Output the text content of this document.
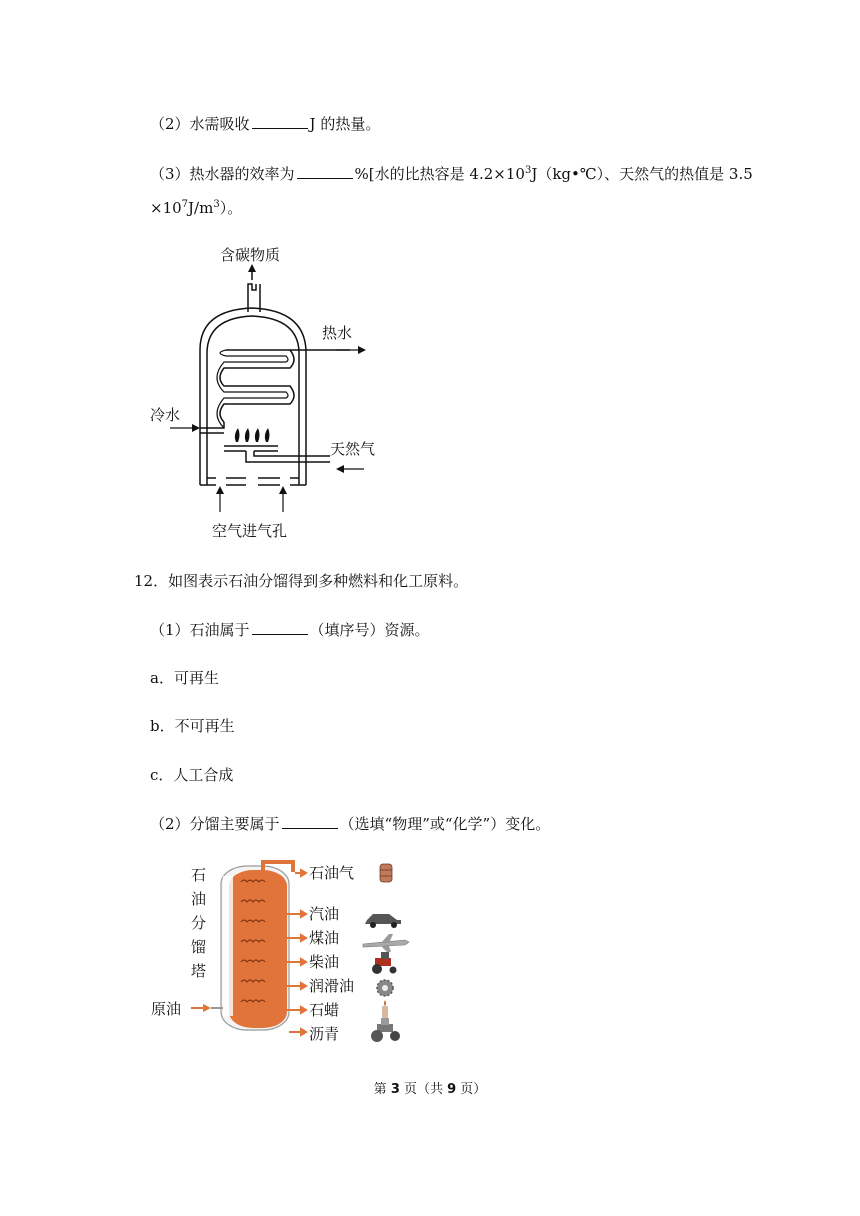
（2）水需吸收	J 的热量。
（3）热水器的效率为	%[水的比热容是 $4.2\times 10^3J(kg•℃)$、天然气的热值是 3.5
$\times 10^7J/m^3$）。
含碳物质
热水
冷水
天然气
空气进气孔
12．如图表示石油分馏得到多种燃料和化工原料。
（1）石油属于	（填序号）资源。
a．可再生
b．不可再生
c．人工合成
（2）分馏主要属于	（选填“物理”或“化学”）变化。
石
油
分
馏
塔
原油
石油气
汽油
煤油
柴油
润滑油
石蜡
沥青
第 3 页（共 9 页）
